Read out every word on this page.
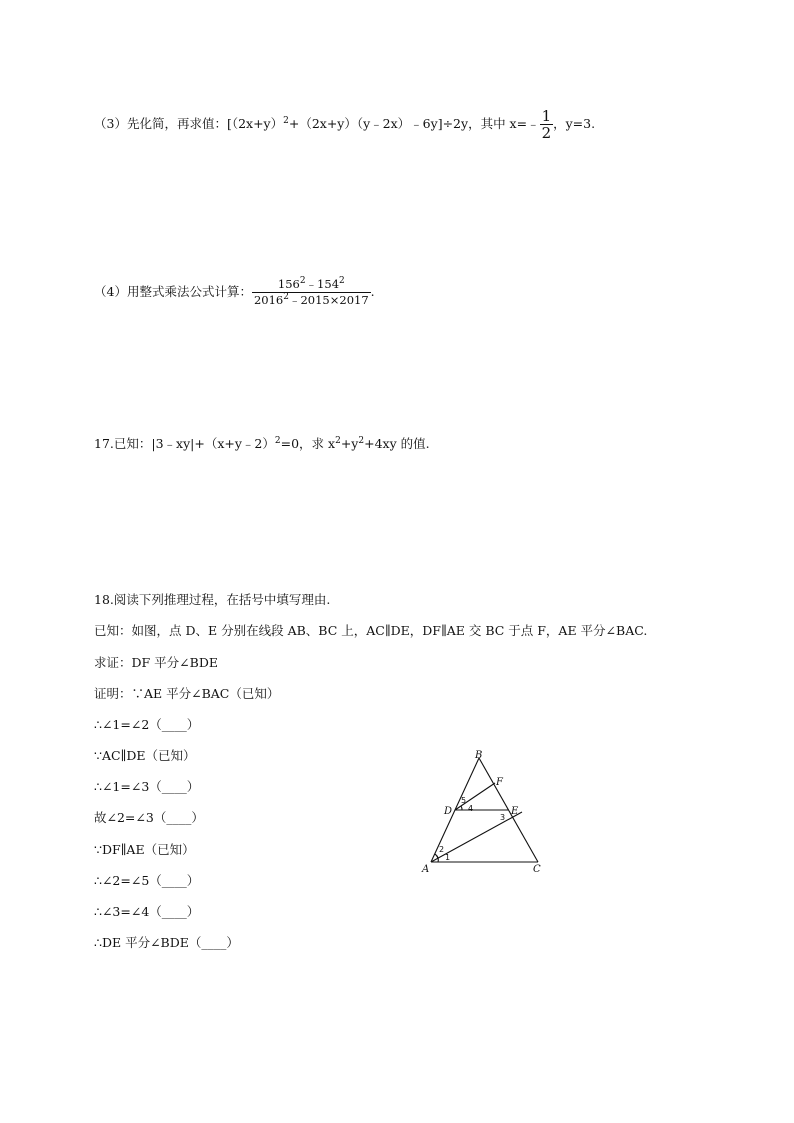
（3）先化简，再求值：$[(2x+y)^2+(2x+y)(y﹣2x)﹣6y]\div 2y$，其中 x=﹣ $\frac{1}{2}$ ，y=3.
（4）用整式乘法公式计算： $\frac{156^2﹣154^2}{2016^2﹣2015\times 2017}$ .
17.已知：|3﹣xy|+（x+y﹣2）$^2$=0，求 $x^2+y^2+4xy$ 的值.
18.阅读下列推理过程，在括号中填写理由.
已知：如图，点 D、E 分别在线段 AB、BC 上，AC∥DE，DF∥AE 交 BC 于点 F，AE 平分∠BAC.
求证：DF 平分∠BDE
证明：∵AE 平分∠BAC（已知）
∴∠1=∠2（____）
∵AC∥DE（已知）
∴∠1=∠3（____）
故∠2=∠3（____）
∵DF∥AE（已知）
∴∠2=∠5（____）
∴∠3=∠4（____）
∴DE 平分∠BDE（____）
B
F
D	E
A	C
5
4
3
2
1
